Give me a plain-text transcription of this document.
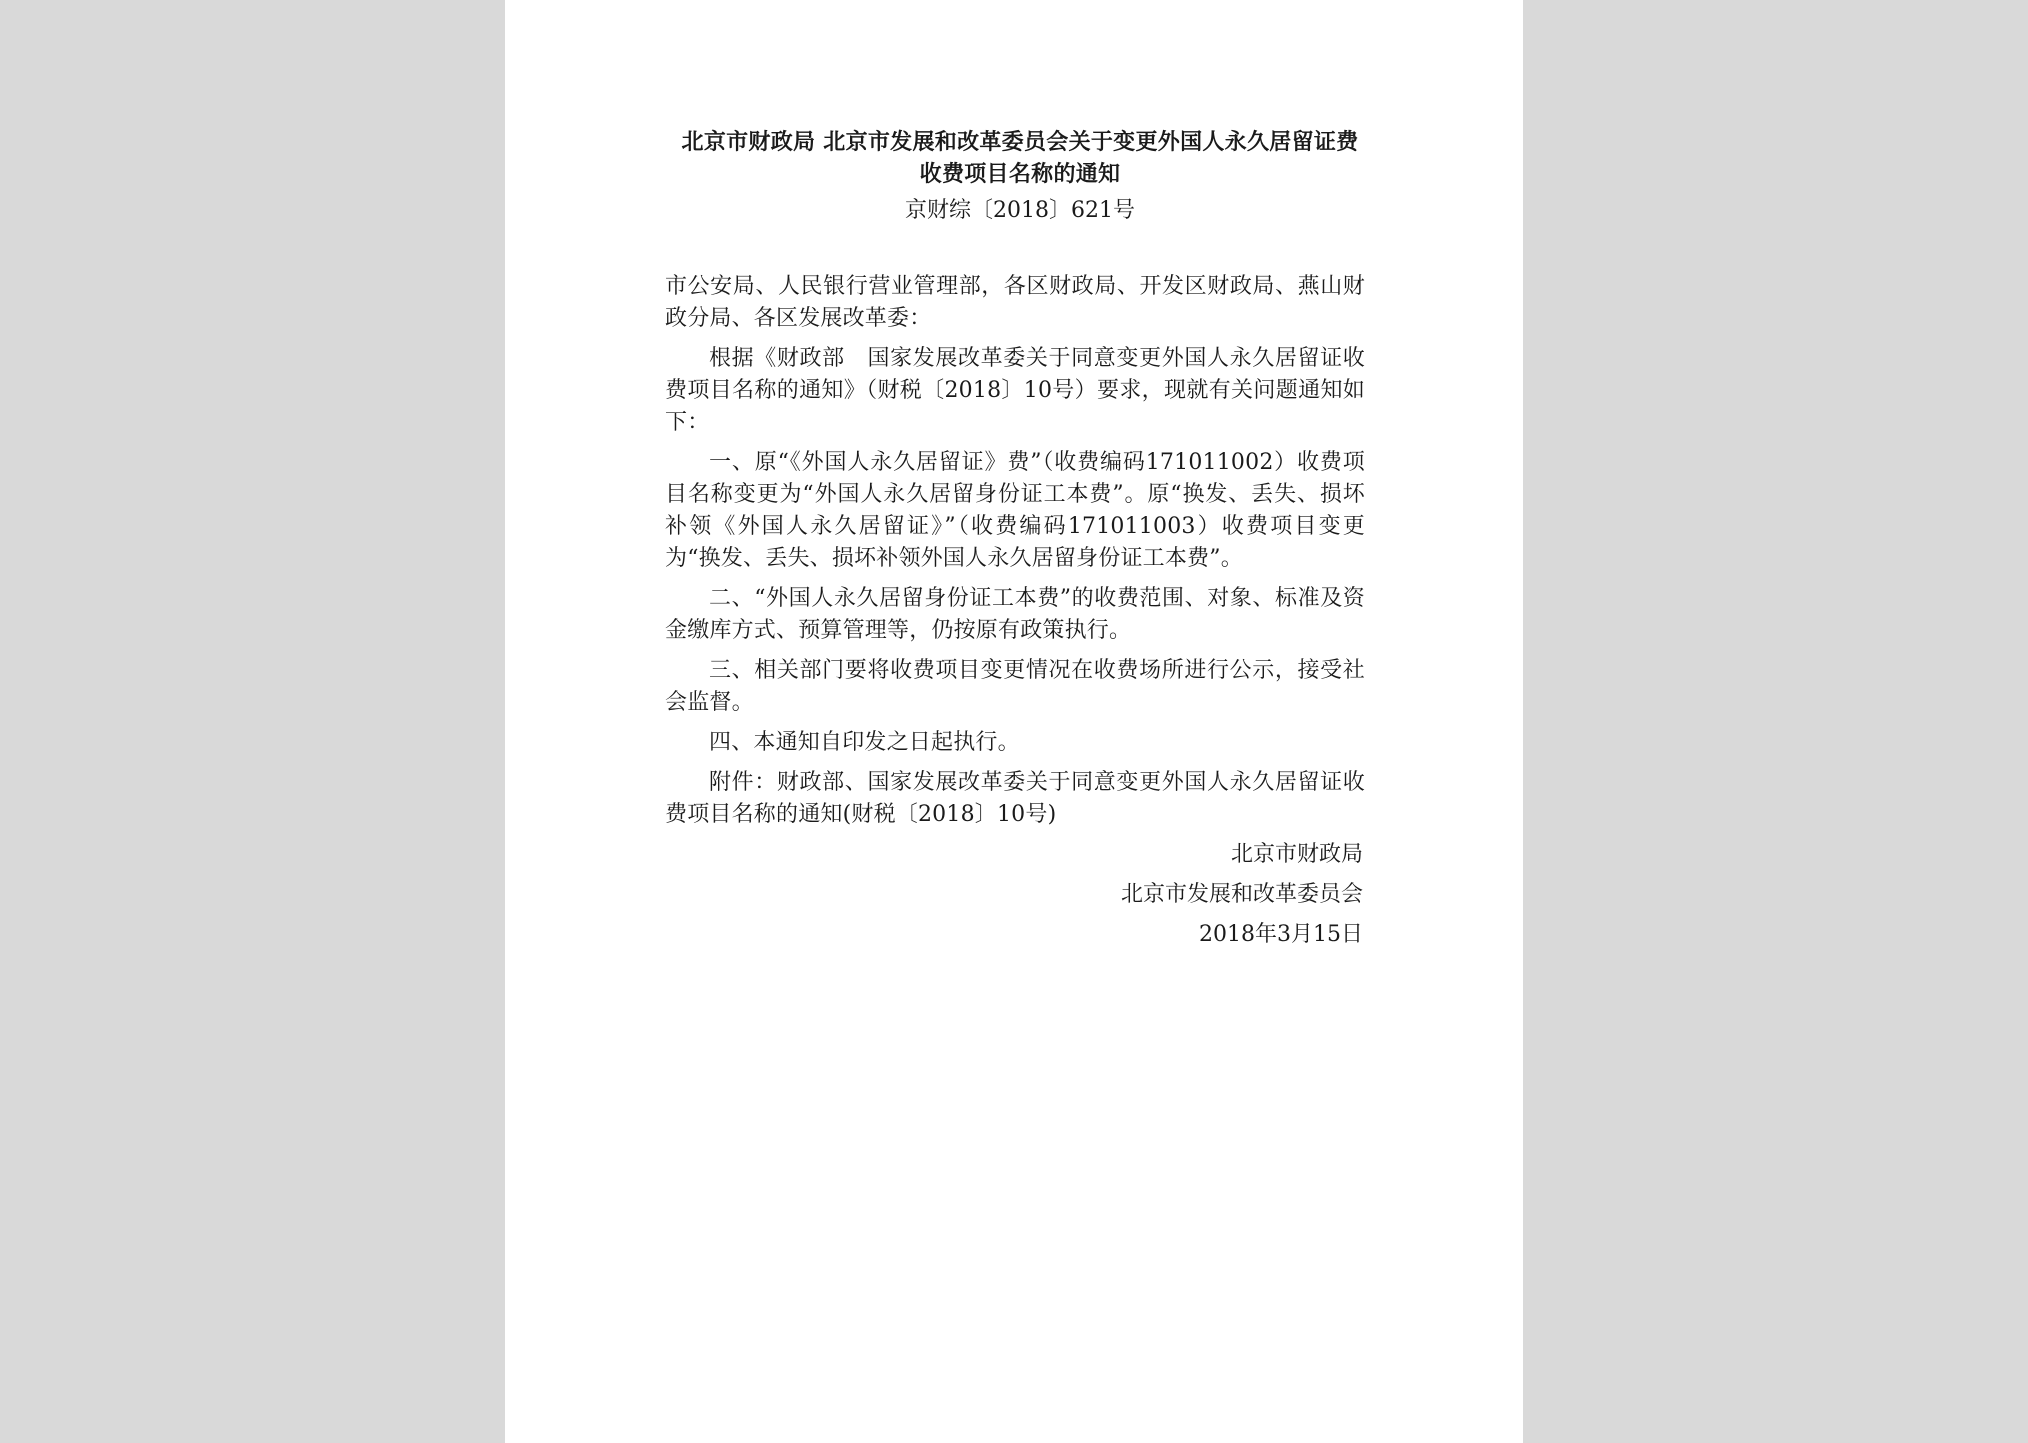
北京市财政局 北京市发展和改革委员会关于变更外国人永久居留证费收费项目名称的通知
京财综〔2018〕621号

市公安局、人民银行营业管理部，各区财政局、开发区财政局、燕山财政分局、各区发展改革委：

根据《财政部　国家发展改革委关于同意变更外国人永久居留证收费项目名称的通知》（财税〔2018〕10号）要求，现就有关问题通知如下：

一、原“《外国人永久居留证》费”（收费编码171011002）收费项目名称变更为“外国人永久居留身份证工本费”。原“换发、丢失、损坏补领《外国人永久居留证》”（收费编码171011003）收费项目变更为“换发、丢失、损坏补领外国人永久居留身份证工本费”。

二、“外国人永久居留身份证工本费”的收费范围、对象、标准及资金缴库方式、预算管理等，仍按原有政策执行。

三、相关部门要将收费项目变更情况在收费场所进行公示，接受社会监督。

四、本通知自印发之日起执行。

附件：财政部、国家发展改革委关于同意变更外国人永久居留证收费项目名称的通知(财税〔2018〕10号)

北京市财政局
北京市发展和改革委员会
2018年3月15日
